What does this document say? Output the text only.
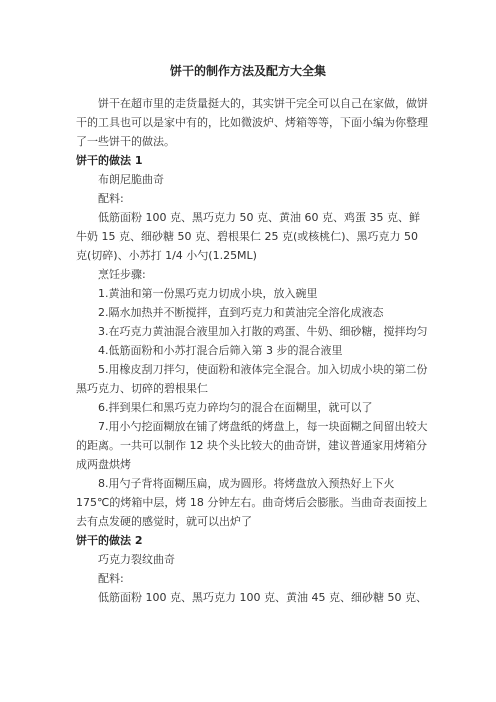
饼干的制作方法及配方大全集

饼干在超市里的走货量挺大的，其实饼干完全可以自己在家做，做饼干的工具也可以是家中有的，比如微波炉、烤箱等等，下面小编为你整理了一些饼干的做法。

饼干的做法 1

布朗尼脆曲奇

配料:

低筋面粉 100 克、黑巧克力 50 克、黄油 60 克、鸡蛋 35 克、鲜牛奶 15 克、细砂糖 50 克、碧根果仁 25 克(或核桃仁)、黑巧克力 50 克(切碎)、小苏打 1/4 小勺(1.25ML)

烹饪步骤:

1.黄油和第一份黑巧克力切成小块，放入碗里

2.隔水加热并不断搅拌，直到巧克力和黄油完全溶化成液态

3.在巧克力黄油混合液里加入打散的鸡蛋、牛奶、细砂糖，搅拌均匀

4.低筋面粉和小苏打混合后筛入第 3 步的混合液里

5.用橡皮刮刀拌匀，使面粉和液体完全混合。加入切成小块的第二份黑巧克力、切碎的碧根果仁

6.拌到果仁和黑巧克力碎均匀的混合在面糊里，就可以了

7.用小勺挖面糊放在铺了烤盘纸的烤盘上，每一块面糊之间留出较大的距离。一共可以制作 12 块个头比较大的曲奇饼，建议普通家用烤箱分成两盘烘烤

8.用勺子背将面糊压扁，成为圆形。将烤盘放入预热好上下火 175℃的烤箱中层，烤 18 分钟左右。曲奇烤后会膨胀。当曲奇表面按上去有点发硬的感觉时，就可以出炉了

饼干的做法 2

巧克力裂纹曲奇

配料:

低筋面粉 100 克、黑巧克力 100 克、黄油 45 克、细砂糖 50 克、
